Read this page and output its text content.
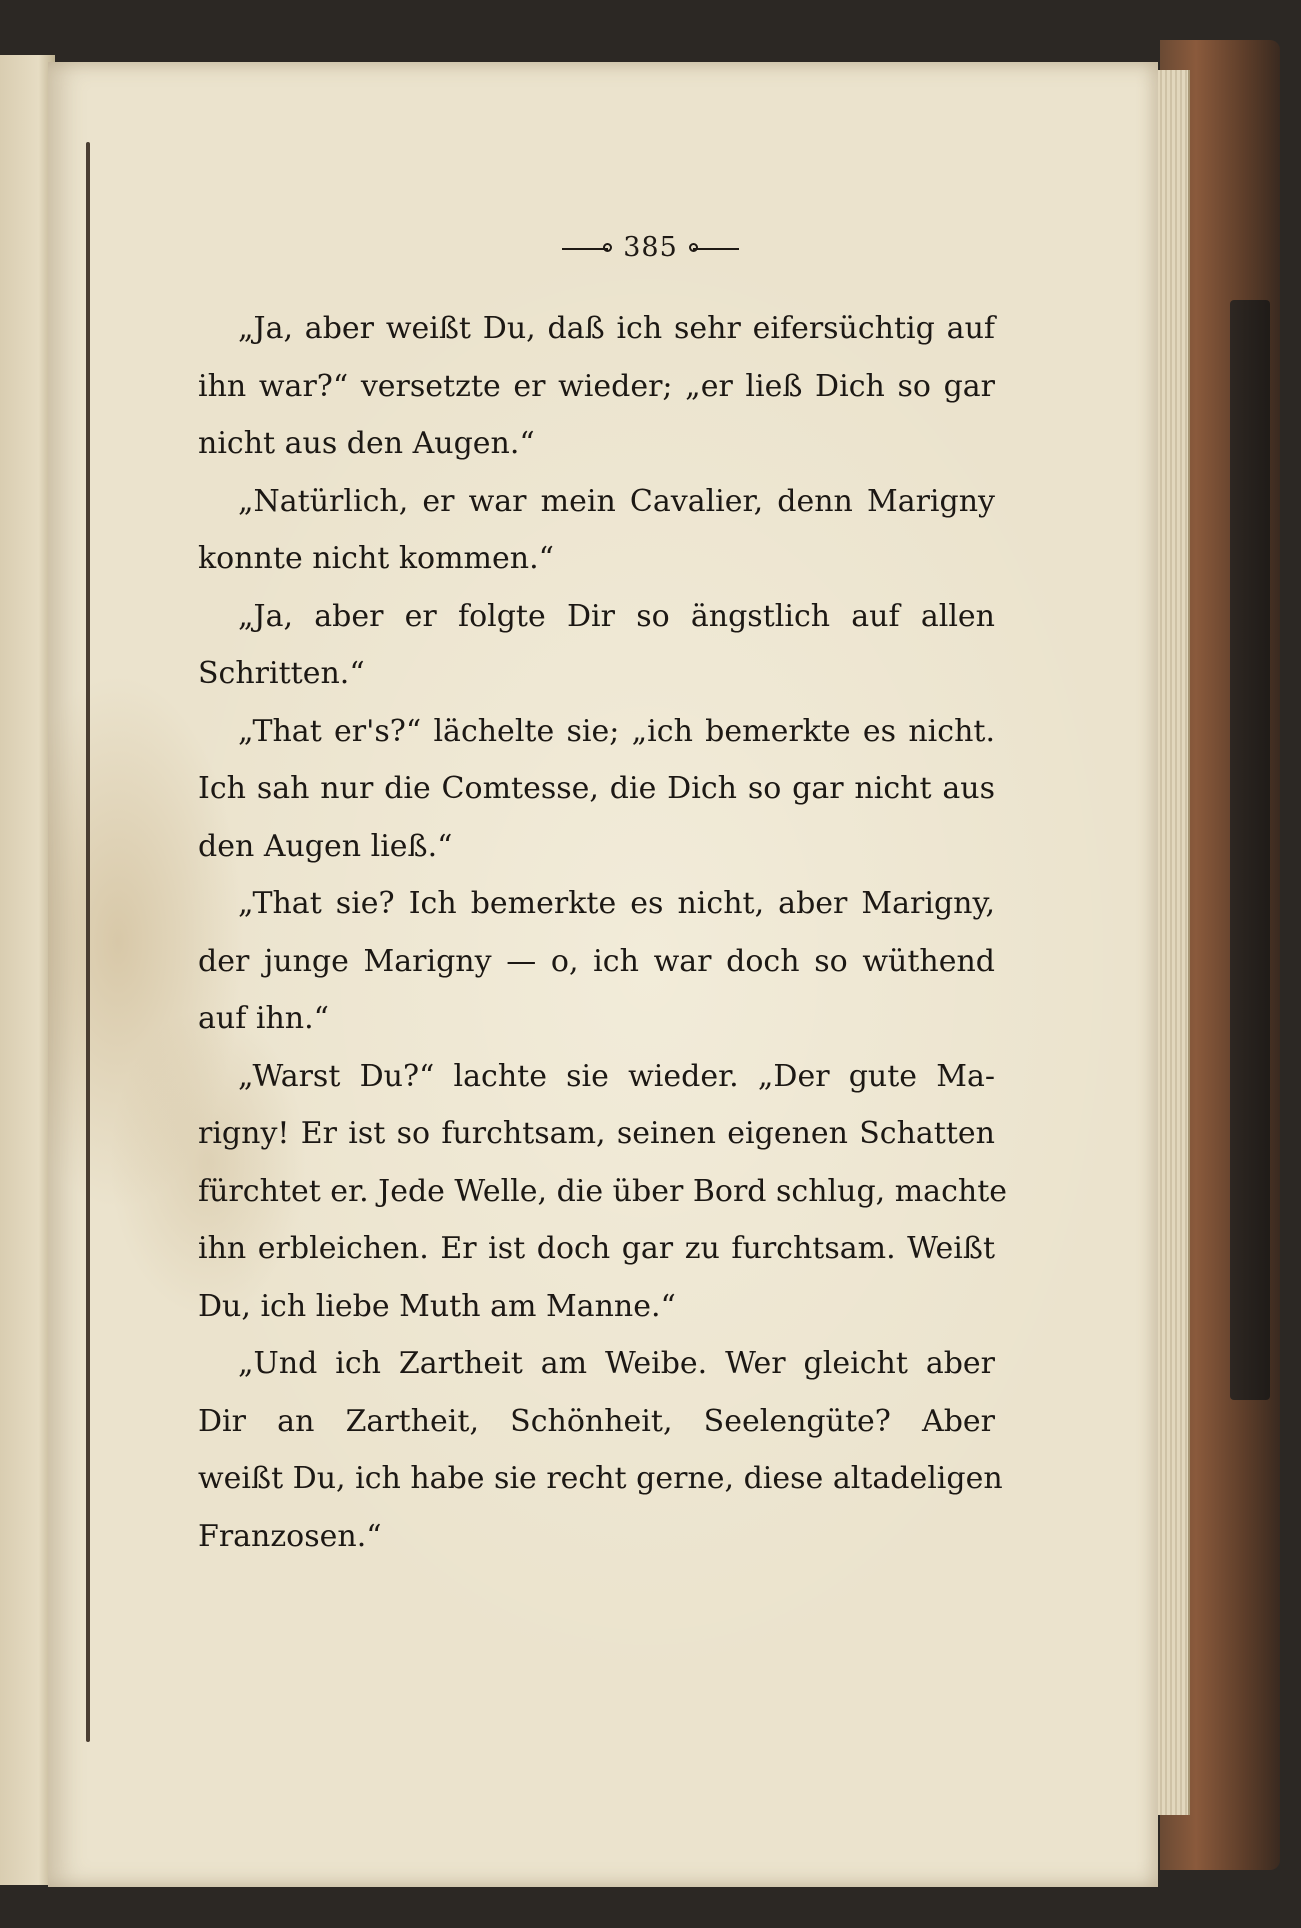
385
„Ja, aber weißt Du, daß ich sehr eifersüchtig auf
ihn war?“ versetzte er wieder; „er ließ Dich so gar
nicht aus den Augen.“
„Natürlich, er war mein Cavalier, denn Marigny
konnte nicht kommen.“
„Ja, aber er folgte Dir so ängstlich auf allen
Schritten.“
„That er's?“ lächelte sie; „ich bemerkte es nicht.
Ich sah nur die Comtesse, die Dich so gar nicht aus
den Augen ließ.“
„That sie? Ich bemerkte es nicht, aber Marigny,
der junge Marigny — o, ich war doch so wüthend
auf ihn.“
„Warst Du?“ lachte sie wieder. „Der gute Ma-
rigny! Er ist so furchtsam, seinen eigenen Schatten
fürchtet er. Jede Welle, die über Bord schlug, machte
ihn erbleichen. Er ist doch gar zu furchtsam. Weißt
Du, ich liebe Muth am Manne.“
„Und ich Zartheit am Weibe. Wer gleicht aber
Dir an Zartheit, Schönheit, Seelengüte? Aber
weißt Du, ich habe sie recht gerne, diese altadeligen
Franzosen.“
